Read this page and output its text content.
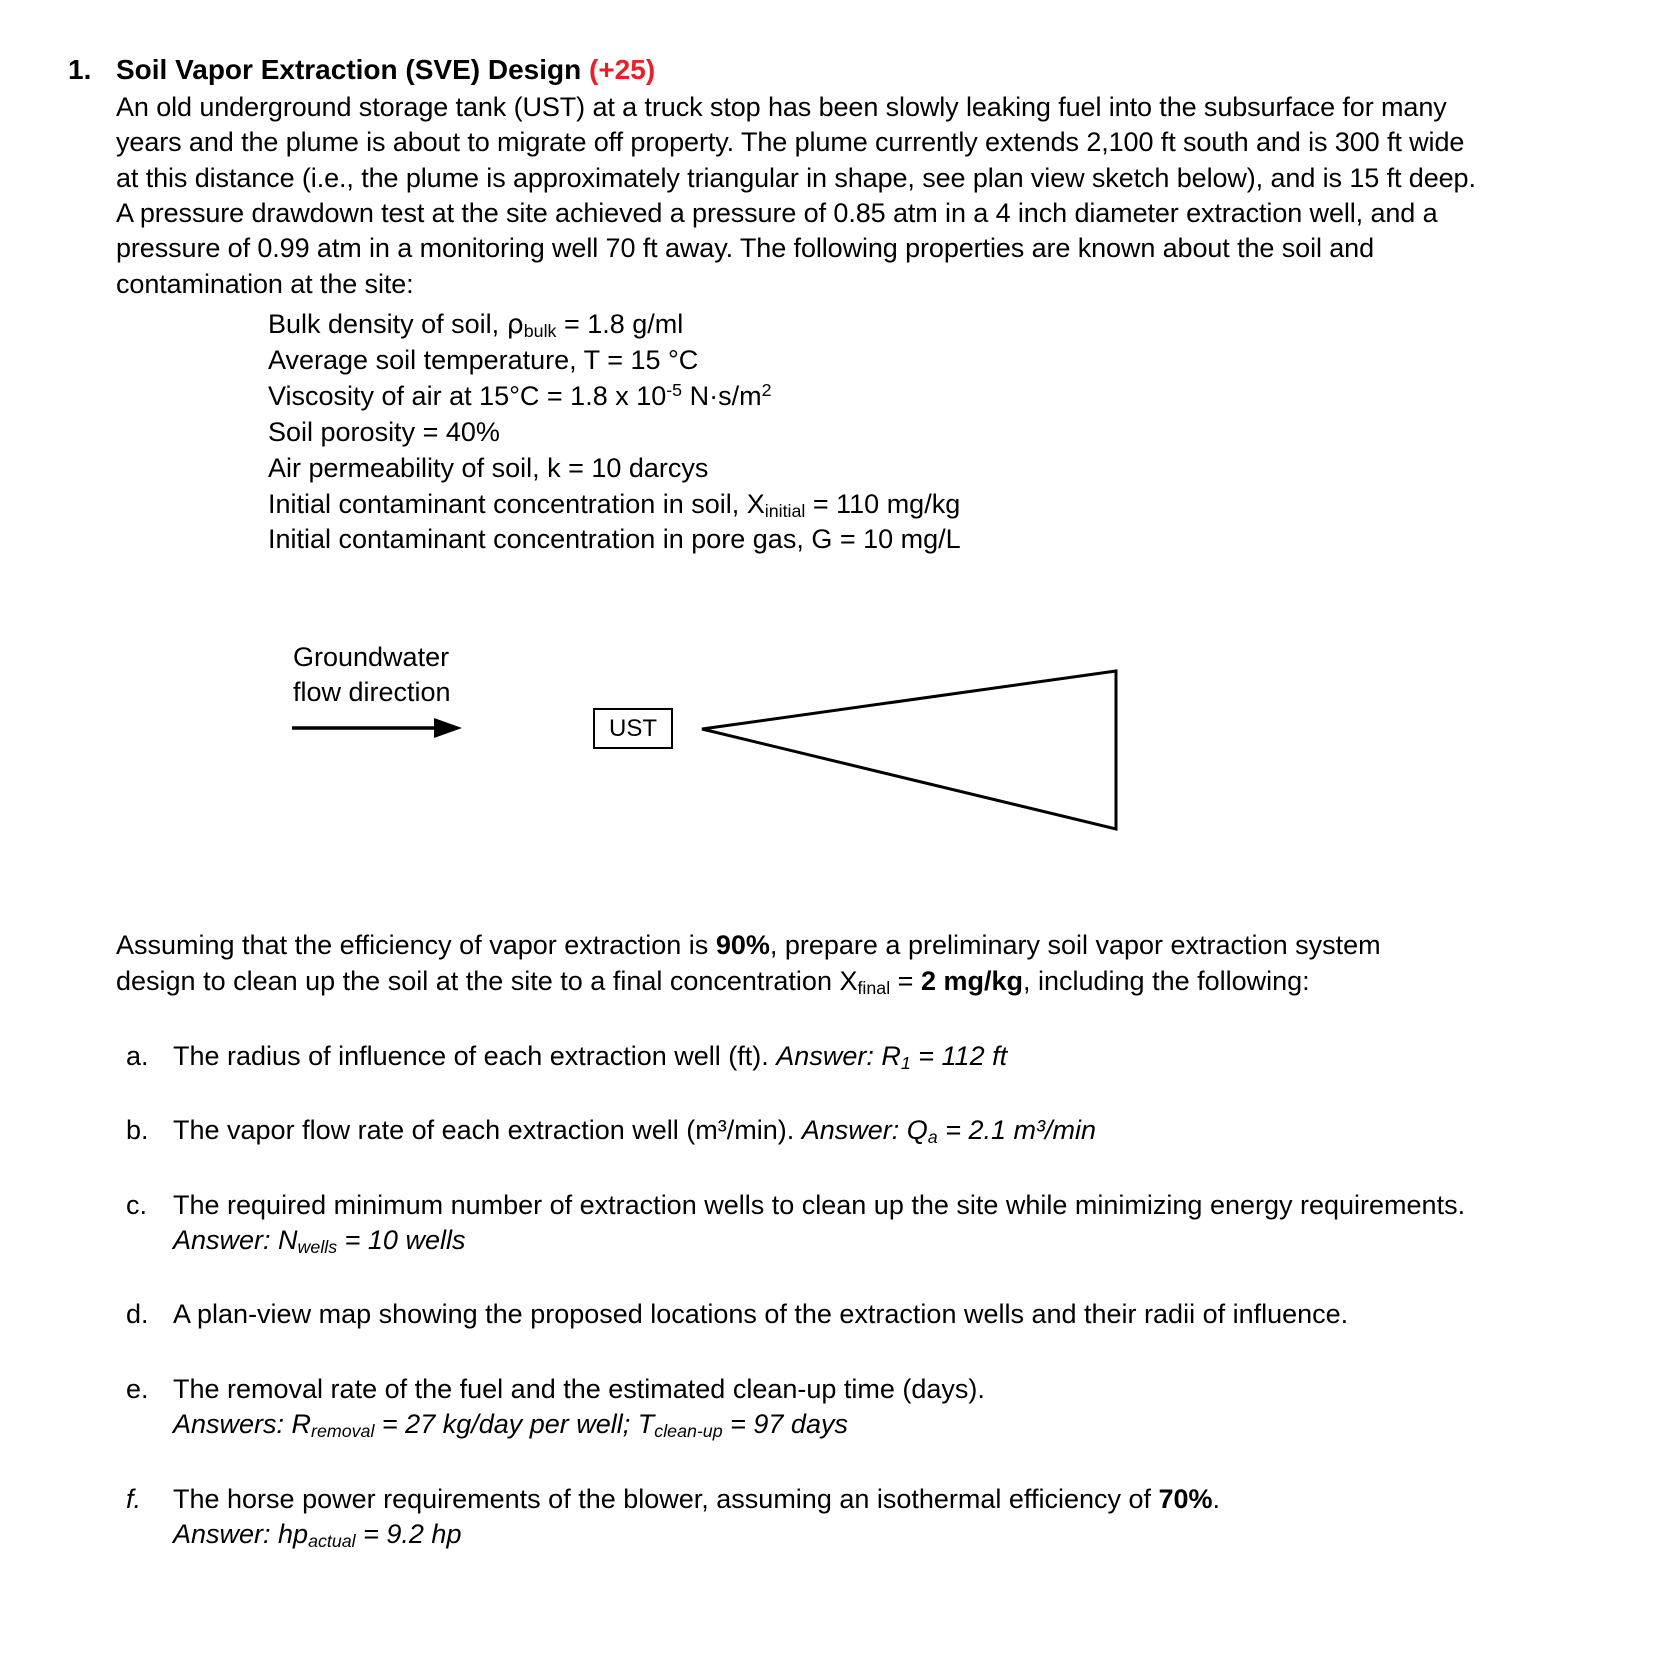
1. Soil Vapor Extraction (SVE) Design (+25)
An old underground storage tank (UST) at a truck stop has been slowly leaking fuel into the subsurface for many years and the plume is about to migrate off property. The plume currently extends 2,100 ft south and is 300 ft wide at this distance (i.e., the plume is approximately triangular in shape, see plan view sketch below), and is 15 ft deep. A pressure drawdown test at the site achieved a pressure of 0.85 atm in a 4 inch diameter extraction well, and a pressure of 0.99 atm in a monitoring well 70 ft away. The following properties are known about the soil and contamination at the site:
Bulk density of soil, $\rho_{bulk} = 1.8$ g/ml
Average soil temperature, T = 15 °C
Viscosity of air at 15°C = 1.8 x $10^{-5}$ $N\cdot s/m^2$
Soil porosity = 40%
Air permeability of soil, k = 10 darcys
Initial contaminant concentration in soil, $X_{initial} = 110$ mg/kg
Initial contaminant concentration in pore gas, G = 10 mg/L
Groundwater
flow direction
UST
Assuming that the efficiency of vapor extraction is 90%, prepare a preliminary soil vapor extraction system design to clean up the soil at the site to a final concentration $X_{final} = 2$ mg/kg, including the following:
a. The radius of influence of each extraction well (ft). Answer: $R_1 = 112$ ft
b. The vapor flow rate of each extraction well (m³/min). Answer: $Q_a = 2.1$ m³/min
c. The required minimum number of extraction wells to clean up the site while minimizing energy requirements. Answer: $N_{wells} = 10$ wells
d. A plan-view map showing the proposed locations of the extraction wells and their radii of influence.
e. The removal rate of the fuel and the estimated clean-up time (days).
Answers: $R_{removal} = 27$ kg/day per well; $T_{clean-up} = 97$ days
f.	The horse power requirements of the blower, assuming an isothermal efficiency of 70%.
Answer: $hp_{actual} = 9.2$ hp
